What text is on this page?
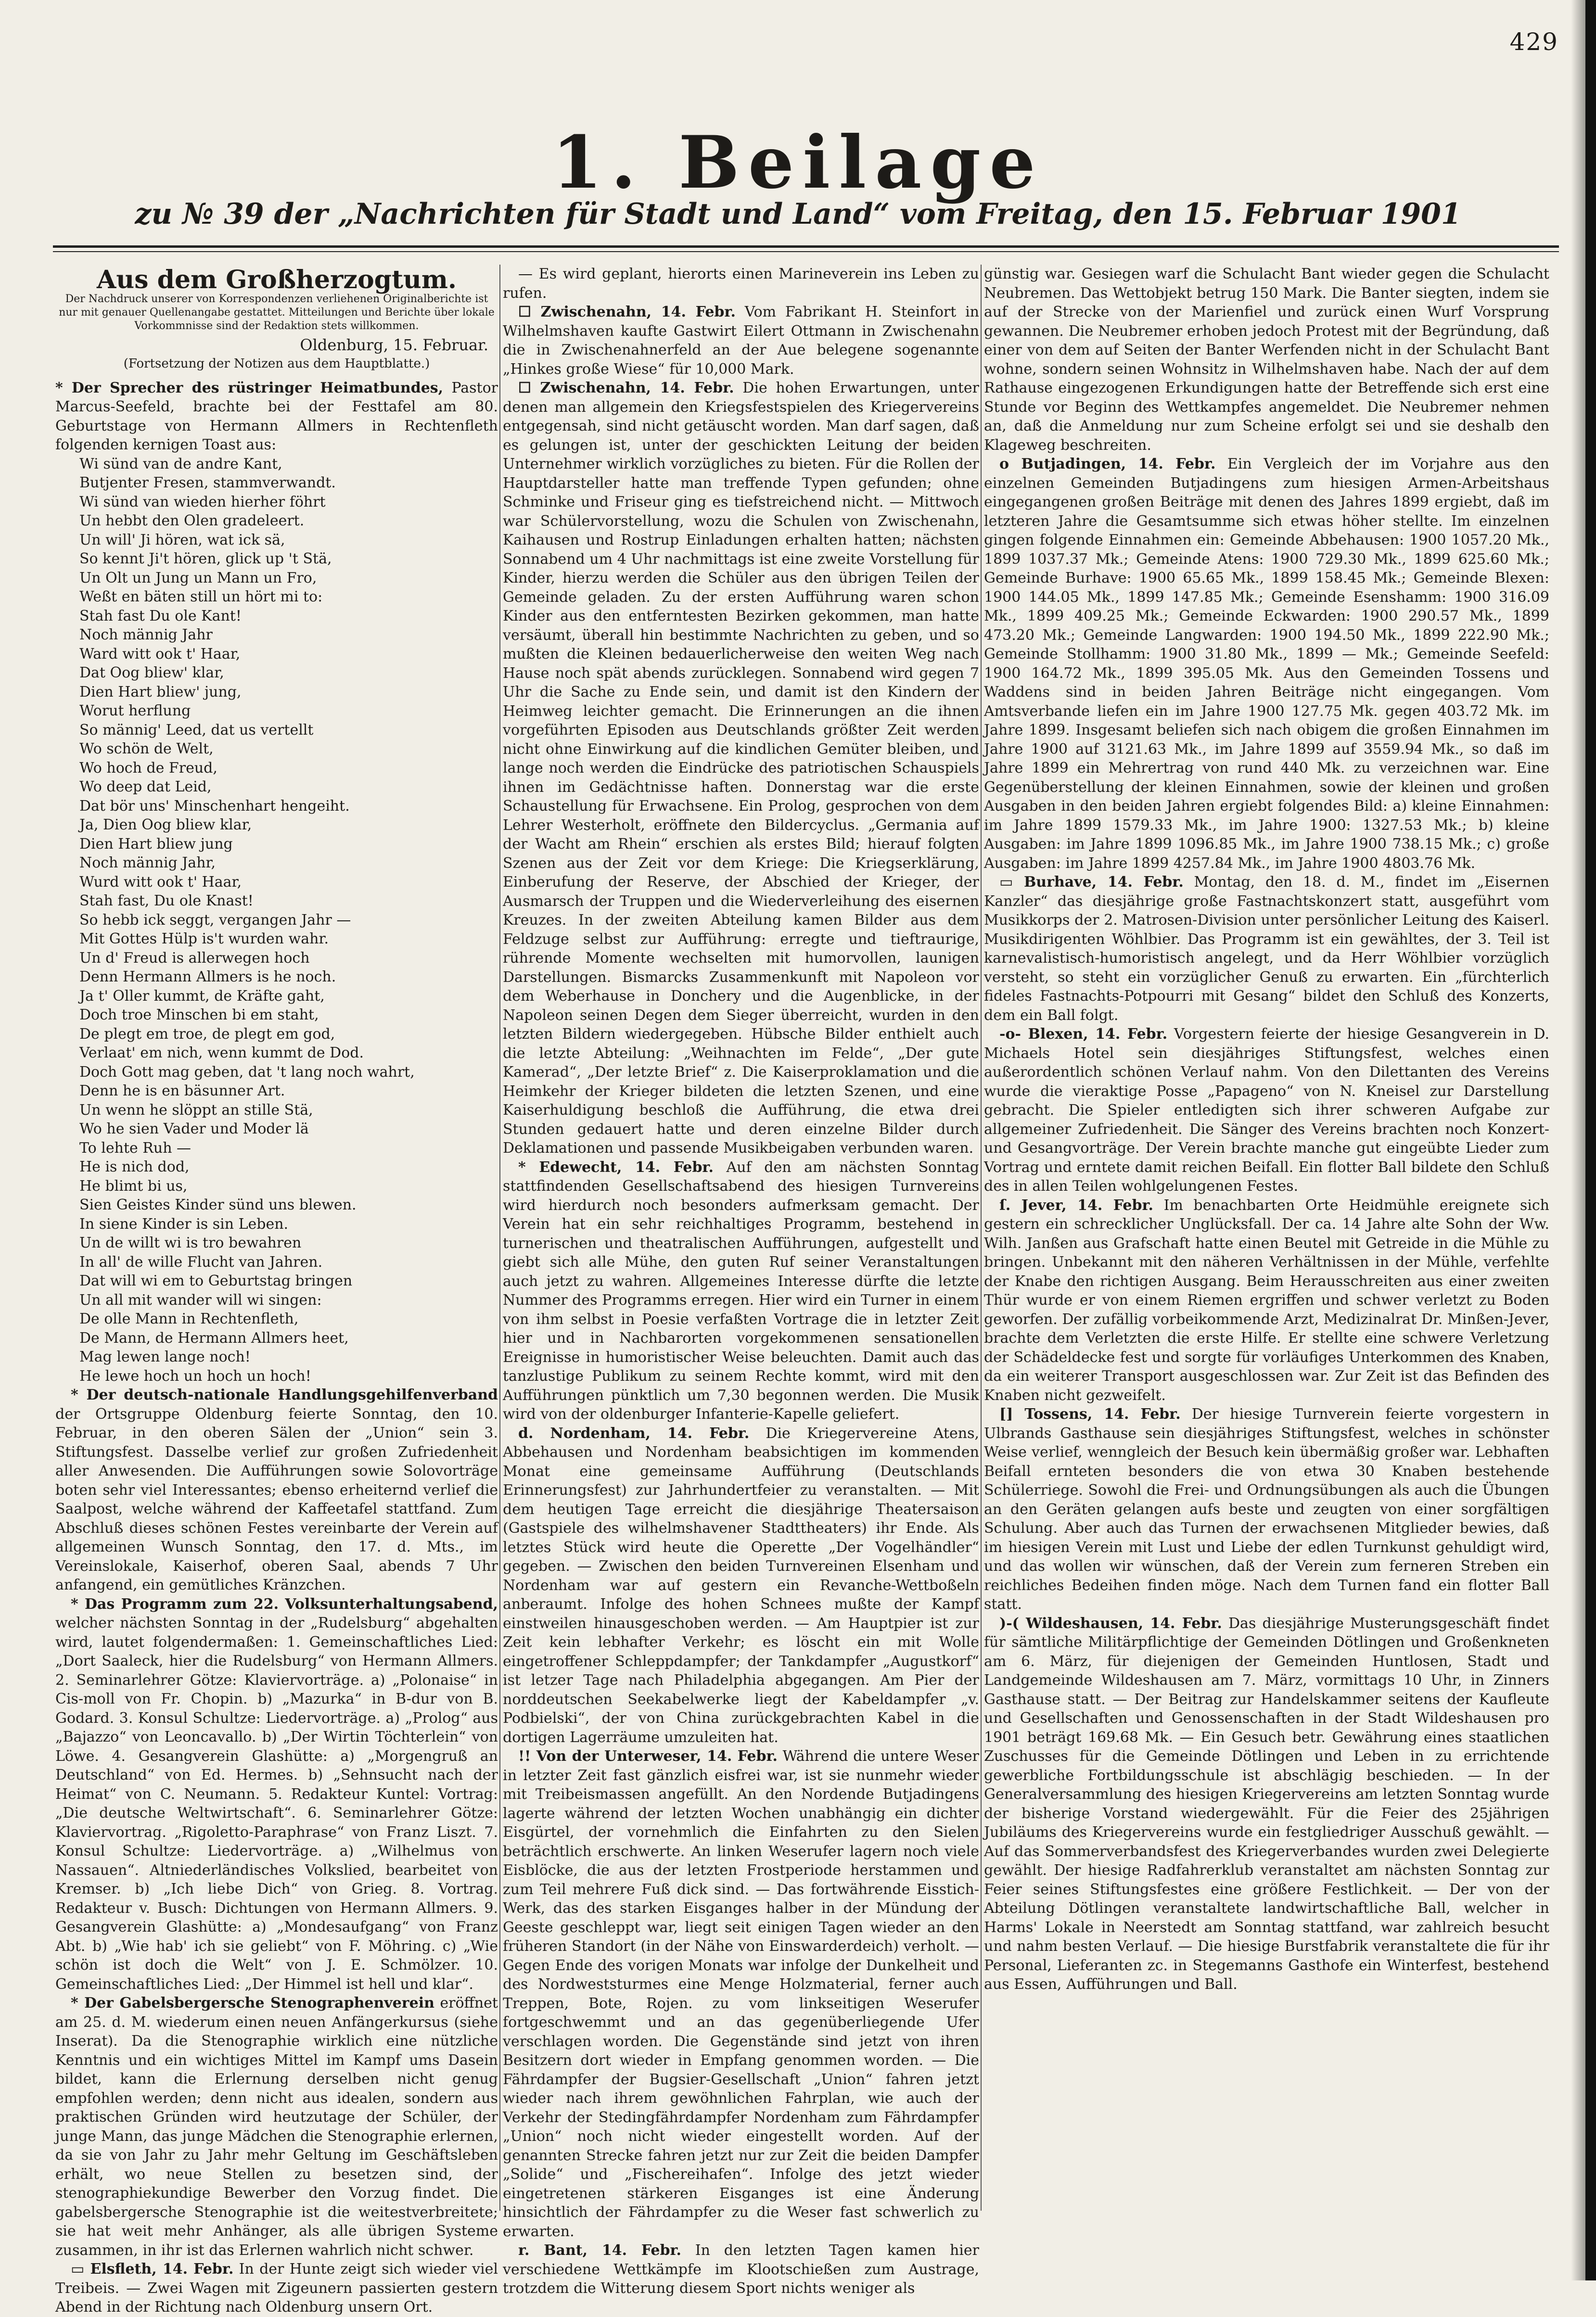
429
1. Beilage
zu № 39 der „Nachrichten für Stadt und Land“ vom Freitag, den 15. Februar 1901
Aus dem Großherzogtum.
Der Nachdruck unserer von Korrespondenzen verliehenen Originalberichte ist nur mit genauer Quellenangabe gestattet. Mitteilungen und Berichte über lokale Vorkommnisse sind der Redaktion stets willkommen.
Oldenburg, 15. Februar.
(Fortsetzung der Notizen aus dem Hauptblatte.)

* Der Sprecher des rüstringer Heimatbundes, Pastor Marcus-Seefeld, brachte bei der Festtafel am 80. Geburtstage von Hermann Allmers in Rechtenfleth folgenden kernigen Toast aus:

Wi sünd van de andre Kant,
Butjenter Fresen, stammverwandt.
Wi sünd van wieden hierher föhrt
Un hebbt den Olen gradeleert.
Un will' Ji hören, wat ick sä,
So kennt Ji't hören, glick up 't Stä,
Un Olt un Jung un Mann un Fro,
Weßt en bäten still un hört mi to:
Stah fast Du ole Kant!
Noch männig Jahr
Ward witt ook t' Haar,
Dat Oog bliew' klar,
Dien Hart bliew' jung,
Worut herflung
So männig' Leed, dat us vertellt
Wo schön de Welt,
Wo hoch de Freud,
Wo deep dat Leid,
Dat bör uns' Minschenhart hengeiht.
Ja, Dien Oog bliew klar,
Dien Hart bliew jung
Noch männig Jahr,
Wurd witt ook t' Haar,
Stah fast, Du ole Knast!
So hebb ick seggt, vergangen Jahr —
Mit Gottes Hülp is't wurden wahr.
Un d' Freud is allerwegen hoch
Denn Hermann Allmers is he noch.
Ja t' Oller kummt, de Kräfte gaht,
Doch troe Minschen bi em staht,
De plegt em troe, de plegt em god,
Verlaat' em nich, wenn kummt de Dod.
Doch Gott mag geben, dat 't lang noch wahrt,
Denn he is en bäsunner Art.
Un wenn he slöppt an stille Stä,
Wo he sien Vader und Moder lä
To lehte Ruh —
He is nich dod,
He blimt bi us,
Sien Geistes Kinder sünd uns blewen.
In siene Kinder is sin Leben.
Un de willt wi is tro bewahren
In all' de wille Flucht van Jahren.
Dat will wi em to Geburtstag bringen
Un all mit wander will wi singen:
De olle Mann in Rechtenfleth,
De Mann, de Hermann Allmers heet,
Mag lewen lange noch!
He lewe hoch un hoch un hoch!

* Der deutsch-nationale Handlungsgehilfenverband der Ortsgruppe Oldenburg feierte Sonntag, den 10. Februar, in den oberen Sälen der „Union“ sein 3. Stiftungsfest. Dasselbe verlief zur großen Zufriedenheit aller Anwesenden. Die Aufführungen sowie Solovorträge boten sehr viel Interessantes; ebenso erheiternd verlief die Saalpost, welche während der Kaffeetafel stattfand. Zum Abschluß dieses schönen Festes vereinbarte der Verein auf allgemeinen Wunsch Sonntag, den 17. d. Mts., im Vereinslokale, Kaiserhof, oberen Saal, abends 7 Uhr anfangend, ein gemütliches Kränzchen.

* Das Programm zum 22. Volksunterhaltungsabend, welcher nächsten Sonntag in der „Rudelsburg“ abgehalten wird, lautet folgendermaßen: 1. Gemeinschaftliches Lied: „Dort Saaleck, hier die Rudelsburg“ von Hermann Allmers. 2. Seminarlehrer Götze: Klaviervorträge. a) „Polonaise“ in Cis-moll von Fr. Chopin. b) „Mazurka“ in B-dur von B. Godard. 3. Konsul Schultze: Liedervorträge. a) „Prolog“ aus „Bajazzo“ von Leoncavallo. b) „Der Wirtin Töchterlein“ von Löwe. 4. Gesangverein Glashütte: a) „Morgengruß an Deutschland“ von Ed. Hermes. b) „Sehnsucht nach der Heimat“ von C. Neumann. 5. Redakteur Kuntel: Vortrag: „Die deutsche Weltwirtschaft“. 6. Seminarlehrer Götze: Klaviervortrag. „Rigoletto-Paraphrase“ von Franz Liszt. 7. Konsul Schultze: Liedervorträge. a) „Wilhelmus von Nassauen“. Altniederländisches Volkslied, bearbeitet von Kremser. b) „Ich liebe Dich“ von Grieg. 8. Vortrag. Redakteur v. Busch: Dichtungen von Hermann Allmers. 9. Gesangverein Glashütte: a) „Mondesaufgang“ von Franz Abt. b) „Wie hab' ich sie geliebt“ von F. Möhring. c) „Wie schön ist doch die Welt“ von J. E. Schmölzer. 10. Gemeinschaftliches Lied: „Der Himmel ist hell und klar“.

* Der Gabelsbergersche Stenographenverein eröffnet am 25. d. M. wiederum einen neuen Anfängerkursus (siehe Inserat). Da die Stenographie wirklich eine nützliche Kenntnis und ein wichtiges Mittel im Kampf ums Dasein bildet, kann die Erlernung derselben nicht genug empfohlen werden; denn nicht aus idealen, sondern aus praktischen Gründen wird heutzutage der Schüler, der junge Mann, das junge Mädchen die Stenographie erlernen, da sie von Jahr zu Jahr mehr Geltung im Geschäftsleben erhält, wo neue Stellen zu besetzen sind, der stenographiekundige Bewerber den Vorzug findet. Die gabelsbergersche Stenographie ist die weitestverbreitete; sie hat weit mehr Anhänger, als alle übrigen Systeme zusammen, in ihr ist das Erlernen wahrlich nicht schwer.

▭ Elsfleth, 14. Febr. In der Hunte zeigt sich wieder viel Treibeis. — Zwei Wagen mit Zigeunern passierten gestern Abend in der Richtung nach Oldenburg unsern Ort.

— Es wird geplant, hierorts einen Marineverein ins Leben zu rufen.

☐ Zwischenahn, 14. Febr. Vom Fabrikant H. Steinfort in Wilhelmshaven kaufte Gastwirt Eilert Ottmann in Zwischenahn die in Zwischenahnerfeld an der Aue belegene sogenannte „Hinkes große Wiese“ für 10,000 Mark.

☐ Zwischenahn, 14. Febr. Die hohen Erwartungen, unter denen man allgemein den Kriegsfestspielen des Kriegervereins entgegensah, sind nicht getäuscht worden. Man darf sagen, daß es gelungen ist, unter der geschickten Leitung der beiden Unternehmer wirklich vorzügliches zu bieten. Für die Rollen der Hauptdarsteller hatte man treffende Typen gefunden; ohne Schminke und Friseur ging es tiefstreichend nicht. — Mittwoch war Schülervorstellung, wozu die Schulen von Zwischenahn, Kaihausen und Rostrup Einladungen erhalten hatten; nächsten Sonnabend um 4 Uhr nachmittags ist eine zweite Vorstellung für Kinder, hierzu werden die Schüler aus den übrigen Teilen der Gemeinde geladen. Zu der ersten Aufführung waren schon Kinder aus den entferntesten Bezirken gekommen, man hatte versäumt, überall hin bestimmte Nachrichten zu geben, und so mußten die Kleinen bedauerlicherweise den weiten Weg nach Hause noch spät abends zurücklegen. Sonnabend wird gegen 7 Uhr die Sache zu Ende sein, und damit ist den Kindern der Heimweg leichter gemacht. Die Erinnerungen an die ihnen vorgeführten Episoden aus Deutschlands größter Zeit werden nicht ohne Einwirkung auf die kindlichen Gemüter bleiben, und lange noch werden die Eindrücke des patriotischen Schauspiels ihnen im Gedächtnisse haften. Donnerstag war die erste Schaustellung für Erwachsene. Ein Prolog, gesprochen von dem Lehrer Westerholt, eröffnete den Bildercyclus. „Germania auf der Wacht am Rhein“ erschien als erstes Bild; hierauf folgten Szenen aus der Zeit vor dem Kriege: Die Kriegserklärung, Einberufung der Reserve, der Abschied der Krieger, der Ausmarsch der Truppen und die Wiederverleihung des eisernen Kreuzes. In der zweiten Abteilung kamen Bilder aus dem Feldzuge selbst zur Aufführung: erregte und tieftraurige, rührende Momente wechselten mit humorvollen, launigen Darstellungen. Bismarcks Zusammenkunft mit Napoleon vor dem Weberhause in Donchery und die Augenblicke, in der Napoleon seinen Degen dem Sieger überreicht, wurden in den letzten Bildern wiedergegeben. Hübsche Bilder enthielt auch die letzte Abteilung: „Weihnachten im Felde“, „Der gute Kamerad“, „Der letzte Brief“ z. Die Kaiserproklamation und die Heimkehr der Krieger bildeten die letzten Szenen, und eine Kaiserhuldigung beschloß die Aufführung, die etwa drei Stunden gedauert hatte und deren einzelne Bilder durch Deklamationen und passende Musikbeigaben verbunden waren.

* Edewecht, 14. Febr. Auf den am nächsten Sonntag stattfindenden Gesellschaftsabend des hiesigen Turnvereins wird hierdurch noch besonders aufmerksam gemacht. Der Verein hat ein sehr reichhaltiges Programm, bestehend in turnerischen und theatralischen Aufführungen, aufgestellt und giebt sich alle Mühe, den guten Ruf seiner Veranstaltungen auch jetzt zu wahren. Allgemeines Interesse dürfte die letzte Nummer des Programms erregen. Hier wird ein Turner in einem von ihm selbst in Poesie verfaßten Vortrage die in letzter Zeit hier und in Nachbarorten vorgekommenen sensationellen Ereignisse in humoristischer Weise beleuchten. Damit auch das tanzlustige Publikum zu seinem Rechte kommt, wird mit den Aufführungen pünktlich um 7,30 begonnen werden. Die Musik wird von der oldenburger Infanterie-Kapelle geliefert.

d. Nordenham, 14. Febr. Die Kriegervereine Atens, Abbehausen und Nordenham beabsichtigen im kommenden Monat eine gemeinsame Aufführung (Deutschlands Erinnerungsfest) zur Jahrhundertfeier zu veranstalten. — Mit dem heutigen Tage erreicht die diesjährige Theatersaison (Gastspiele des wilhelmshavener Stadttheaters) ihr Ende. Als letztes Stück wird heute die Operette „Der Vogelhändler“ gegeben. — Zwischen den beiden Turnvereinen Elsenham und Nordenham war auf gestern ein Revanche-Wettboßeln anberaumt. Infolge des hohen Schnees mußte der Kampf einstweilen hinausgeschoben werden. — Am Hauptpier ist zur Zeit kein lebhafter Verkehr; es löscht ein mit Wolle eingetroffener Schleppdampfer; der Tankdampfer „Augustkorf“ ist letzer Tage nach Philadelphia abgegangen. Am Pier der norddeutschen Seekabelwerke liegt der Kabeldampfer „v. Podbielski“, der von China zurückgebrachten Kabel in die dortigen Lagerräume umzuleiten hat.

!! Von der Unterweser, 14. Febr. Während die untere Weser in letzter Zeit fast gänzlich eisfrei war, ist sie nunmehr wieder mit Treibeismassen angefüllt. An den Nordende Butjadingens lagerte während der letzten Wochen unabhängig ein dichter Eisgürtel, der vornehmlich die Einfahrten zu den Sielen beträchtlich erschwerte. An linken Weserufer lagern noch viele Eisblöcke, die aus der letzten Frostperiode herstammen und zum Teil mehrere Fuß dick sind. — Das fortwährende Eisstich-Werk, das des starken Eisganges halber in der Mündung der Geeste geschleppt war, liegt seit einigen Tagen wieder an den früheren Standort (in der Nähe von Einswarderdeich) verholt. — Gegen Ende des vorigen Monats war infolge der Dunkelheit und des Nordweststurmes eine Menge Holzmaterial, ferner auch Treppen, Bote, Rojen. zu vom linkseitigen Weserufer fortgeschwemmt und an das gegenüberliegende Ufer verschlagen worden. Die Gegenstände sind jetzt von ihren Besitzern dort wieder in Empfang genommen worden. — Die Fährdampfer der Bugsier-Gesellschaft „Union“ fahren jetzt wieder nach ihrem gewöhnlichen Fahrplan, wie auch der Verkehr der Stedingfährdampfer Nordenham zum Fährdampfer „Union“ noch nicht wieder eingestellt worden. Auf der genannten Strecke fahren jetzt nur zur Zeit die beiden Dampfer „Solide“ und „Fischereihafen“. Infolge des jetzt wieder eingetretenen stärkeren Eisganges ist eine Änderung hinsichtlich der Fährdampfer zu die Weser fast schwerlich zu erwarten.

r. Bant, 14. Febr. In den letzten Tagen kamen hier verschiedene Wettkämpfe im Klootschießen zum Austrage, trotzdem die Witterung diesem Sport nichts weniger als

günstig war. Gesiegen warf die Schulacht Bant wieder gegen die Schulacht Neubremen. Das Wettobjekt betrug 150 Mark. Die Banter siegten, indem sie auf der Strecke von der Marienfiel und zurück einen Wurf Vorsprung gewannen. Die Neubremer erhoben jedoch Protest mit der Begründung, daß einer von dem auf Seiten der Banter Werfenden nicht in der Schulacht Bant wohne, sondern seinen Wohnsitz in Wilhelmshaven habe. Nach der auf dem Rathause eingezogenen Erkundigungen hatte der Betreffende sich erst eine Stunde vor Beginn des Wettkampfes angemeldet. Die Neubremer nehmen an, daß die Anmeldung nur zum Scheine erfolgt sei und sie deshalb den Klageweg beschreiten.

o Butjadingen, 14. Febr. Ein Vergleich der im Vorjahre aus den einzelnen Gemeinden Butjadingens zum hiesigen Armen-Arbeitshaus eingegangenen großen Beiträge mit denen des Jahres 1899 ergiebt, daß im letzteren Jahre die Gesamtsumme sich etwas höher stellte. Im einzelnen gingen folgende Einnahmen ein: Gemeinde Abbehausen: 1900 1057.20 Mk., 1899 1037.37 Mk.; Gemeinde Atens: 1900 729.30 Mk., 1899 625.60 Mk.; Gemeinde Burhave: 1900 65.65 Mk., 1899 158.45 Mk.; Gemeinde Blexen: 1900 144.05 Mk., 1899 147.85 Mk.; Gemeinde Esenshamm: 1900 316.09 Mk., 1899 409.25 Mk.; Gemeinde Eckwarden: 1900 290.57 Mk., 1899 473.20 Mk.; Gemeinde Langwarden: 1900 194.50 Mk., 1899 222.90 Mk.; Gemeinde Stollhamm: 1900 31.80 Mk., 1899 — Mk.; Gemeinde Seefeld: 1900 164.72 Mk., 1899 395.05 Mk. Aus den Gemeinden Tossens und Waddens sind in beiden Jahren Beiträge nicht eingegangen. Vom Amtsverbande liefen ein im Jahre 1900 127.75 Mk. gegen 403.72 Mk. im Jahre 1899. Insgesamt beliefen sich nach obigem die großen Einnahmen im Jahre 1900 auf 3121.63 Mk., im Jahre 1899 auf 3559.94 Mk., so daß im Jahre 1899 ein Mehrertrag von rund 440 Mk. zu verzeichnen war. Eine Gegenüberstellung der kleinen Einnahmen, sowie der kleinen und großen Ausgaben in den beiden Jahren ergiebt folgendes Bild: a) kleine Einnahmen: im Jahre 1899 1579.33 Mk., im Jahre 1900: 1327.53 Mk.; b) kleine Ausgaben: im Jahre 1899 1096.85 Mk., im Jahre 1900 738.15 Mk.; c) große Ausgaben: im Jahre 1899 4257.84 Mk., im Jahre 1900 4803.76 Mk.

▭ Burhave, 14. Febr. Montag, den 18. d. M., findet im „Eisernen Kanzler“ das diesjährige große Fastnachtskonzert statt, ausgeführt vom Musikkorps der 2. Matrosen-Division unter persönlicher Leitung des Kaiserl. Musikdirigenten Wöhlbier. Das Programm ist ein gewähltes, der 3. Teil ist karnevalistisch-humoristisch angelegt, und da Herr Wöhlbier vorzüglich versteht, so steht ein vorzüglicher Genuß zu erwarten. Ein „fürchterlich fideles Fastnachts-Potpourri mit Gesang“ bildet den Schluß des Konzerts, dem ein Ball folgt.

-o- Blexen, 14. Febr. Vorgestern feierte der hiesige Gesangverein in D. Michaels Hotel sein diesjähriges Stiftungsfest, welches einen außerordentlich schönen Verlauf nahm. Von den Dilettanten des Vereins wurde die vieraktige Posse „Papageno“ von N. Kneisel zur Darstellung gebracht. Die Spieler entledigten sich ihrer schweren Aufgabe zur allgemeiner Zufriedenheit. Die Sänger des Vereins brachten noch Konzert- und Gesangvorträge. Der Verein brachte manche gut eingeübte Lieder zum Vortrag und erntete damit reichen Beifall. Ein flotter Ball bildete den Schluß des in allen Teilen wohlgelungenen Festes.

ſ. Jever, 14. Febr. Im benachbarten Orte Heidmühle ereignete sich gestern ein schrecklicher Unglücksfall. Der ca. 14 Jahre alte Sohn der Ww. Wilh. Janßen aus Grafschaft hatte einen Beutel mit Getreide in die Mühle zu bringen. Unbekannt mit den näheren Verhältnissen in der Mühle, verfehlte der Knabe den richtigen Ausgang. Beim Herausschreiten aus einer zweiten Thür wurde er von einem Riemen ergriffen und schwer verletzt zu Boden geworfen. Der zufällig vorbeikommende Arzt, Medizinalrat Dr. Minßen-Jever, brachte dem Verletzten die erste Hilfe. Er stellte eine schwere Verletzung der Schädeldecke fest und sorgte für vorläufiges Unterkommen des Knaben, da ein weiterer Transport ausgeschlossen war. Zur Zeit ist das Befinden des Knaben nicht gezweifelt.

[] Tossens, 14. Febr. Der hiesige Turnverein feierte vorgestern in Ulbrands Gasthause sein diesjähriges Stiftungsfest, welches in schönster Weise verlief, wenngleich der Besuch kein übermäßig großer war. Lebhaften Beifall ernteten besonders die von etwa 30 Knaben bestehende Schülerriege. Sowohl die Frei- und Ordnungsübungen als auch die Übungen an den Geräten gelangen aufs beste und zeugten von einer sorgfältigen Schulung. Aber auch das Turnen der erwachsenen Mitglieder bewies, daß im hiesigen Verein mit Lust und Liebe der edlen Turnkunst gehuldigt wird, und das wollen wir wünschen, daß der Verein zum ferneren Streben ein reichliches Bedeihen finden möge. Nach dem Turnen fand ein flotter Ball statt.

)-( Wildeshausen, 14. Febr. Das diesjährige Musterungsgeschäft findet für sämtliche Militärpflichtige der Gemeinden Dötlingen und Großenkneten am 6. März, für diejenigen der Gemeinden Huntlosen, Stadt und Landgemeinde Wildeshausen am 7. März, vormittags 10 Uhr, in Zinners Gasthause statt. — Der Beitrag zur Handelskammer seitens der Kaufleute und Gesellschaften und Genossenschaften in der Stadt Wildeshausen pro 1901 beträgt 169.68 Mk. — Ein Gesuch betr. Gewährung eines staatlichen Zuschusses für die Gemeinde Dötlingen und Leben in zu errichtende gewerbliche Fortbildungsschule ist abschlägig beschieden. — In der Generalversammlung des hiesigen Kriegervereins am letzten Sonntag wurde der bisherige Vorstand wiedergewählt. Für die Feier des 25jährigen Jubiläums des Kriegervereins wurde ein festgliedriger Ausschuß gewählt. — Auf das Sommerverbandsfest des Kriegerverbandes wurden zwei Delegierte gewählt. Der hiesige Radfahrerklub veranstaltet am nächsten Sonntag zur Feier seines Stiftungsfestes eine größere Festlichkeit. — Der von der Abteilung Dötlingen veranstaltete landwirtschaftliche Ball, welcher in Harms' Lokale in Neerstedt am Sonntag stattfand, war zahlreich besucht und nahm besten Verlauf. — Die hiesige Burstfabrik veranstaltete die für ihr Personal, Lieferanten zc. in Stegemanns Gasthofe ein Winterfest, bestehend aus Essen, Aufführungen und Ball.
